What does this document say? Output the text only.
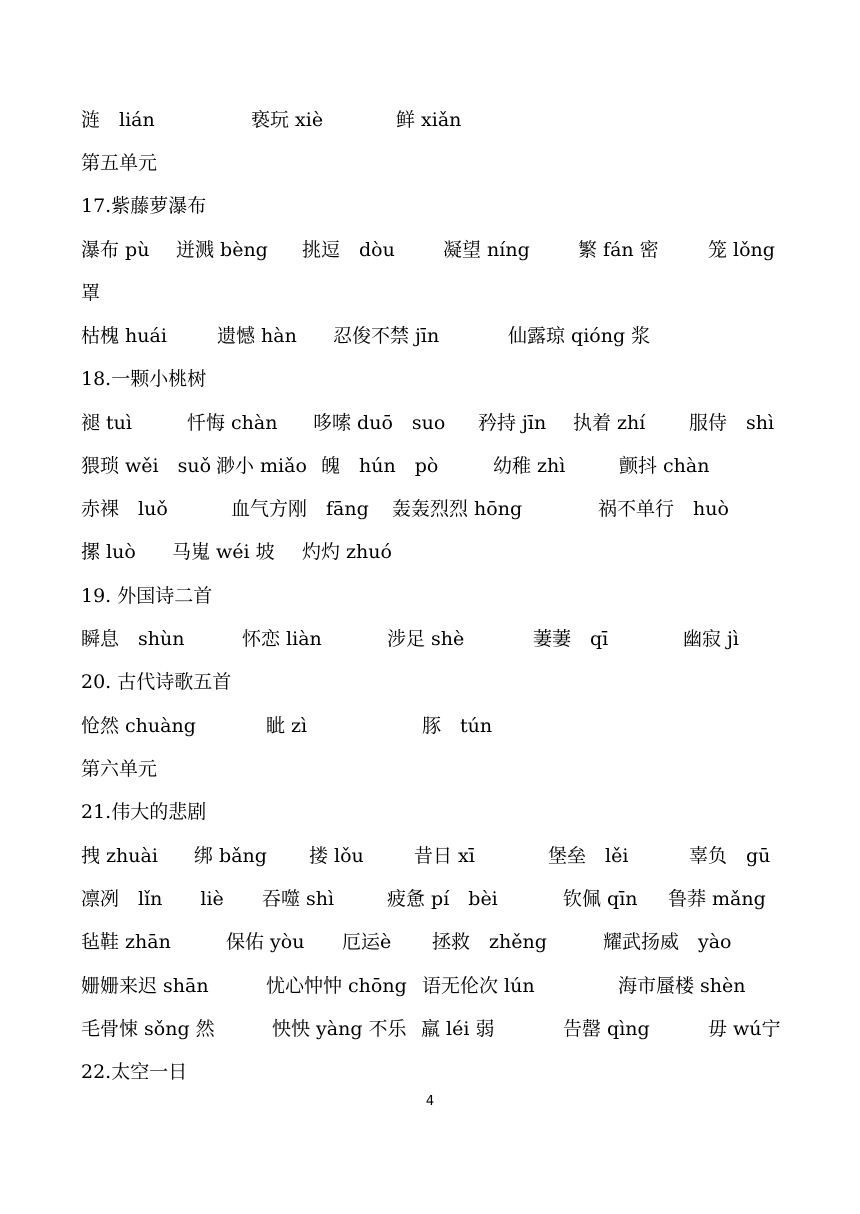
涟　lián	亵玩 xiè	鲜 xiǎn
第五单元
17.紫藤萝瀑布
瀑布 pù 迸溅 bèng 挑逗　dòu	凝望 níng	繁 fán 密	笼 lǒng
罩
枯槐 huái	遗憾 hàn 忍俊不禁 jīn	仙露琼 qióng 浆
18.一颗小桃树
褪 tuì	忏悔 chàn 哆嗦 duō　suo 矜持 jīn 执着 zhí 服侍　shì
猥琐 wěi　suǒ 渺小 miǎo 魄　hún　pò	幼稚 zhì	颤抖 chàn
赤裸　luǒ	血气方刚　fāng 轰轰烈烈 hōng	祸不单行　huò
摞 luò 马嵬 wéi 坡 灼灼 zhuó
19. 外国诗二首
瞬息　shùn	怀恋 liàn	涉足 shè	萋萋　qī	幽寂 jì
20. 古代诗歌五首
怆然 chuàng	眦 zì	豚　tún
第六单元
21.伟大的悲剧
拽 zhuài 绑 bǎng 搂 lǒu	昔日 xī	堡垒　lěi	辜负　gū
凛冽　lǐn　　liè 吞噬 shì	疲惫 pí　bèi	钦佩 qīn 鲁莽 mǎng
毡鞋 zhān	保佑 yòu 厄运è 拯救　zhěng	耀武扬威　yào
姗姗来迟 shān	忧心忡忡 chōng 语无伦次 lún	海市蜃楼 shèn
毛骨悚 sǒng 然	怏怏 yàng 不乐 羸 léi 弱	告罄 qìng	毋 wú宁
22.太空一日
4
